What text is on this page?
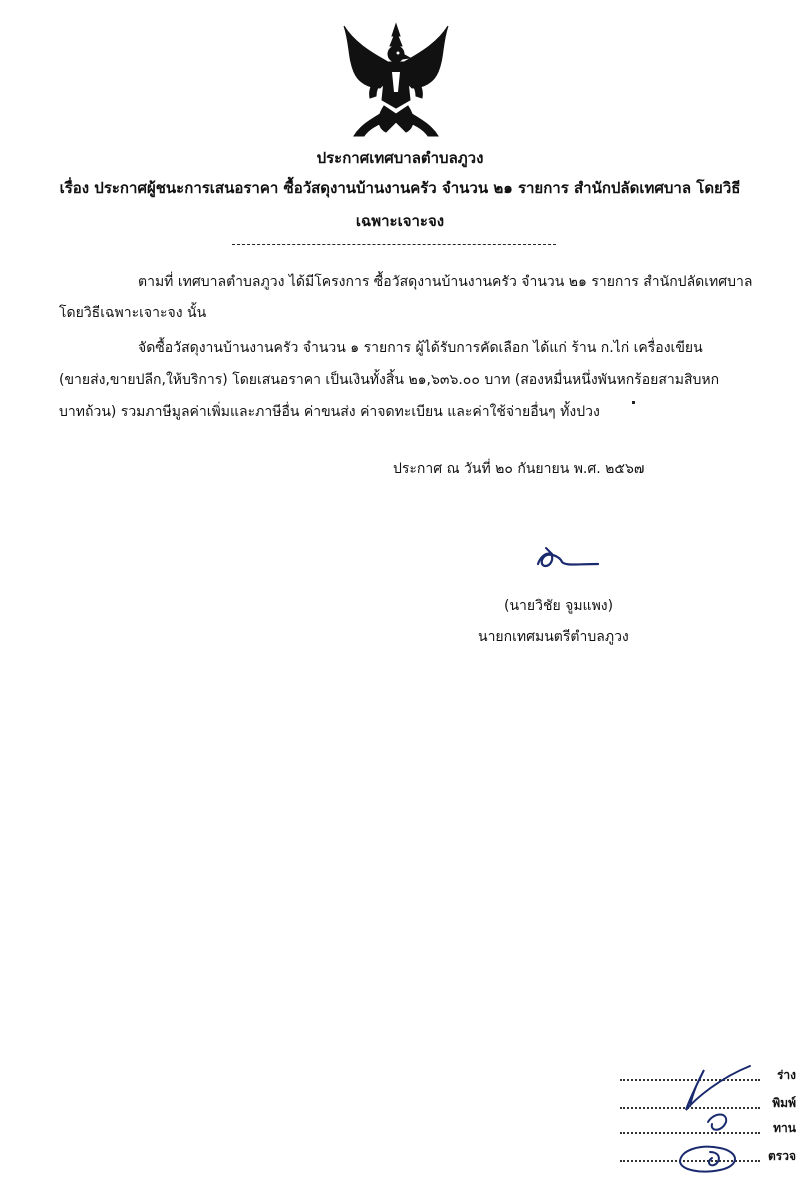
ประกาศเทศบาลตำบลภูวง
เรื่อง ประกาศผู้ชนะการเสนอราคา ซื้อวัสดุงานบ้านงานครัว จำนวน ๒๑ รายการ สำนักปลัดเทศบาล โดยวิธี
เฉพาะเจาะจง
ตามที่ เทศบาลตำบลภูวง ได้มีโครงการ ซื้อวัสดุงานบ้านงานครัว จำนวน ๒๑ รายการ สำนักปลัดเทศบาล
โดยวิธีเฉพาะเจาะจง นั้น
จัดซื้อวัสดุงานบ้านงานครัว จำนวน ๑ รายการ ผู้ได้รับการคัดเลือก ได้แก่ ร้าน ก.ไก่ เครื่องเขียน
(ขายส่ง,ขายปลีก,ให้บริการ) โดยเสนอราคา เป็นเงินทั้งสิ้น ๒๑,๖๓๖.๐๐ บาท (สองหมื่นหนึ่งพันหกร้อยสามสิบหก
บาทถ้วน) รวมภาษีมูลค่าเพิ่มและภาษีอื่น ค่าขนส่ง ค่าจดทะเบียน และค่าใช้จ่ายอื่นๆ ทั้งปวง
ประกาศ ณ วันที่ ๒๐ กันยายน พ.ศ. ๒๕๖๗
(นายวิชัย จูมแพง)
นายกเทศมนตรีตำบลภูวง
ร่าง
พิมพ์
ทาน
ตรวจ
